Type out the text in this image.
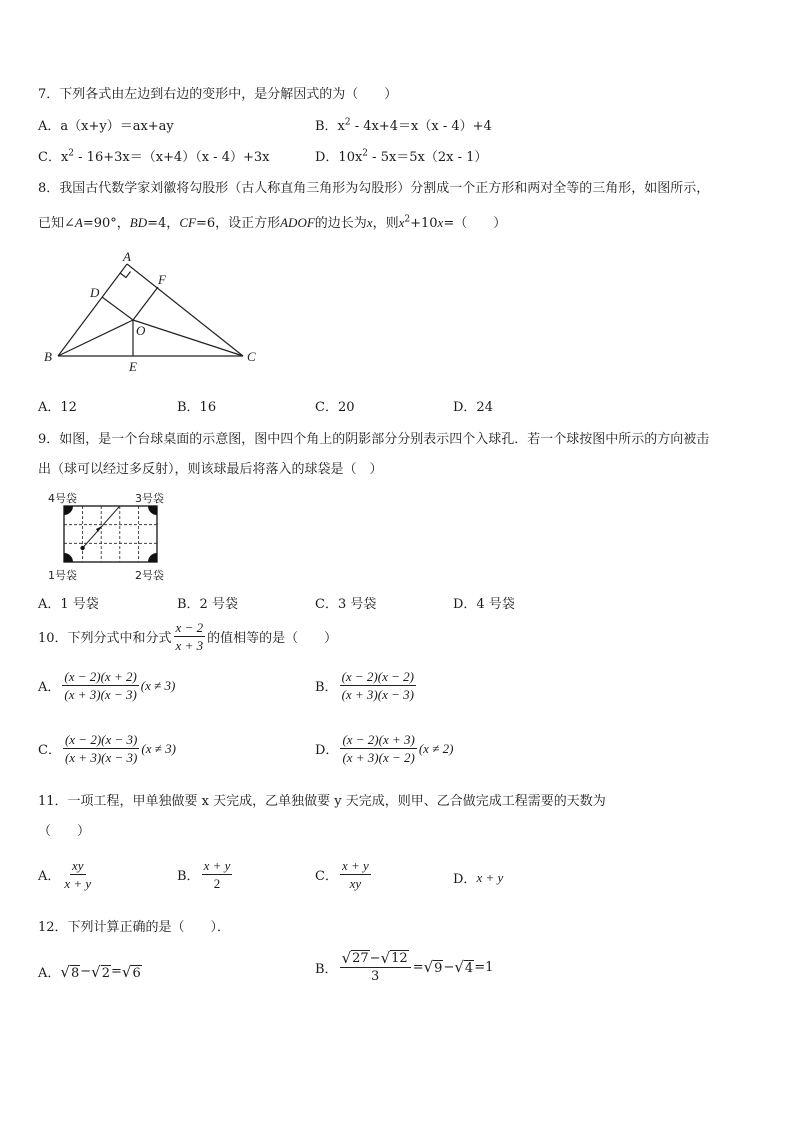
7．下列各式由左边到右边的变形中，是分解因式的为（　　）
A．a（x+y）＝ax+ay	B．$x^2 - 4x+4=x(x - 4)+4$
C．$x^2 - 16+3x=(x+4)(x - 4)+3x$	D．$10x^2 - 5x=5x(2x - 1)$
8．我国古代数学家刘徽将勾股形（古人称直角三角形为勾股形）分割成一个正方形和两对全等的三角形，如图所示，
已知∠A=90°，BD=4，CF=6，设正方形ADOF的边长为x，则$x^2+10x=$（　　）
A
D
F
O
B
E
C
A．12	B．16	C．20	D．24
9．如图，是一个台球桌面的示意图，图中四个角上的阴影部分分别表示四个入球孔．若一个球按图中所示的方向被击
出（球可以经过多反射），则该球最后将落入的球袋是（　）
4号袋	3号袋
1号袋	2号袋
A．1 号袋	B．2 号袋	C．3 号袋	D．4 号袋
10．下列分式中和分式 $\frac{x - 2}{x + 3}$ 的值相等的是（　　）
A． $\frac{(x - 2)(x + 2)}{(x + 3)(x - 3)} (x \ne 3)$	B． $\frac{(x - 2)(x - 2)}{(x + 3)(x - 3)}$
C． $\frac{(x - 2)(x - 3)}{(x + 3)(x - 3)} (x \ne 3)$	D． $\frac{(x - 2)(x + 3)}{(x + 3)(x - 2)} (x \ne 2)$
11．一项工程，甲单独做要 x 天完成，乙单独做要 y 天完成，则甲、乙合做完成工程需要的天数为
（　　）
A． $\frac{xy}{x + y}$	B． $\frac{x + y}{2}$	C． $\frac{x + y}{xy}$	D． x + y
12．下列计算正确的是（　　）．
A． √ 8 − √ 2 = √ 6	B． $\frac{√ 27 - √ 12}{3}$ = √ 9 − √ 4 =1
